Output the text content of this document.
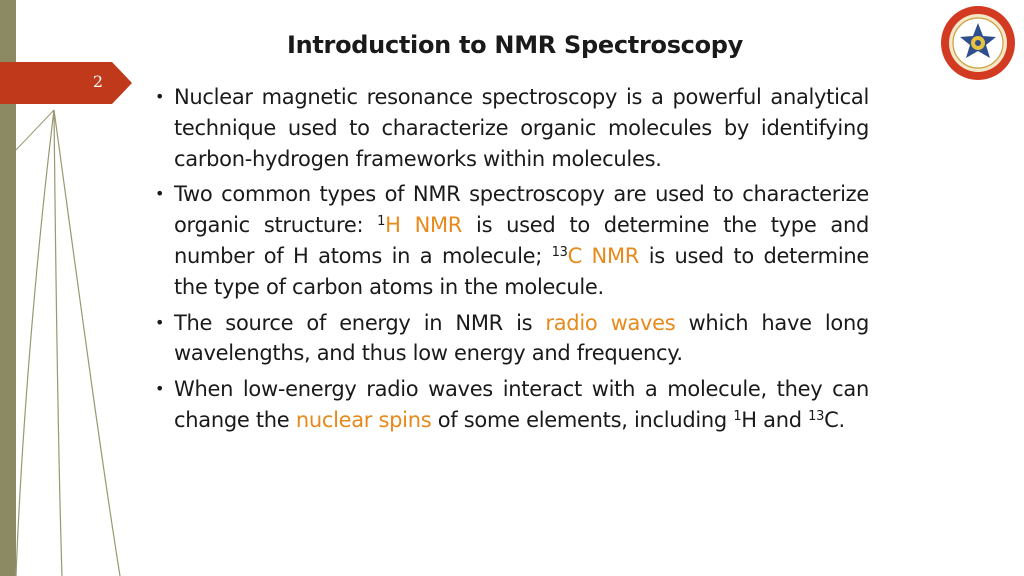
2
Introduction to NMR Spectroscopy

• Nuclear magnetic resonance spectroscopy is a powerful analytical technique used to characterize organic molecules by identifying carbon-hydrogen frameworks within molecules.

• Two common types of NMR spectroscopy are used to characterize organic structure: $^1$H NMR is used to determine the type and number of H atoms in a molecule; $^{13}$C NMR is used to determine the type of carbon atoms in the molecule.

• The source of energy in NMR is radio waves which have long wavelengths, and thus low energy and frequency.

• When low-energy radio waves interact with a molecule, they can change the nuclear spins of some elements, including $^1$H and $^{13}$C.
